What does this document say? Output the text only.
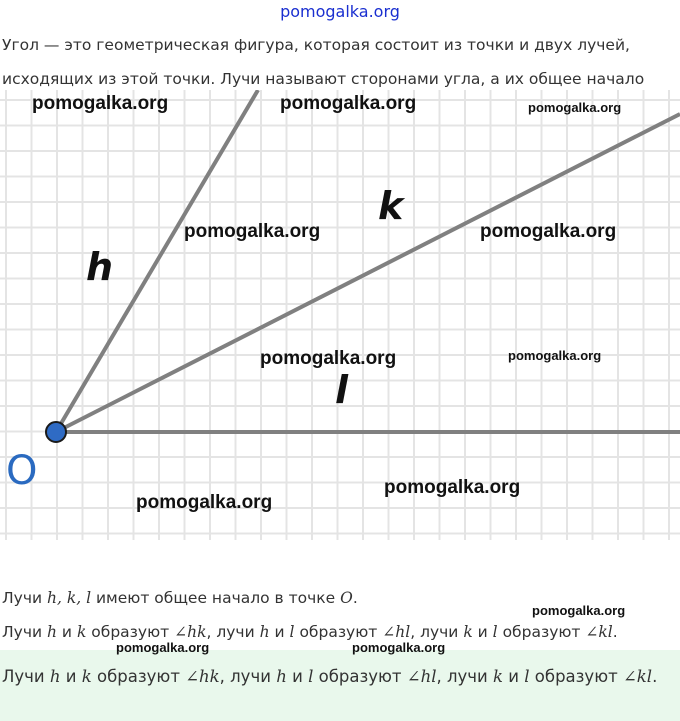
pomogalka.org
Угол — это геометрическая фигура, которая состоит из точки и двух лучей,
исходящих из этой точки. Лучи называют сторонами угла, а их общее начало
h
k
l
O
pomogalka.org	pomogalka.org	pomogalka.org
pomogalka.org	pomogalka.org
pomogalka.org	pomogalka.org
pomogalka.org
pomogalka.org
Лучи h, k, l имеют общее начало в точке O.
pomogalka.org
Лучи h и k образуют ∠hk, лучи h и l образуют ∠hl, лучи k и l образуют ∠kl.
Лучи h и k образуют ∠hk, лучи h и l образуют ∠hl, лучи k и l образуют ∠kl.
pomogalka.org	pomogalka.org
